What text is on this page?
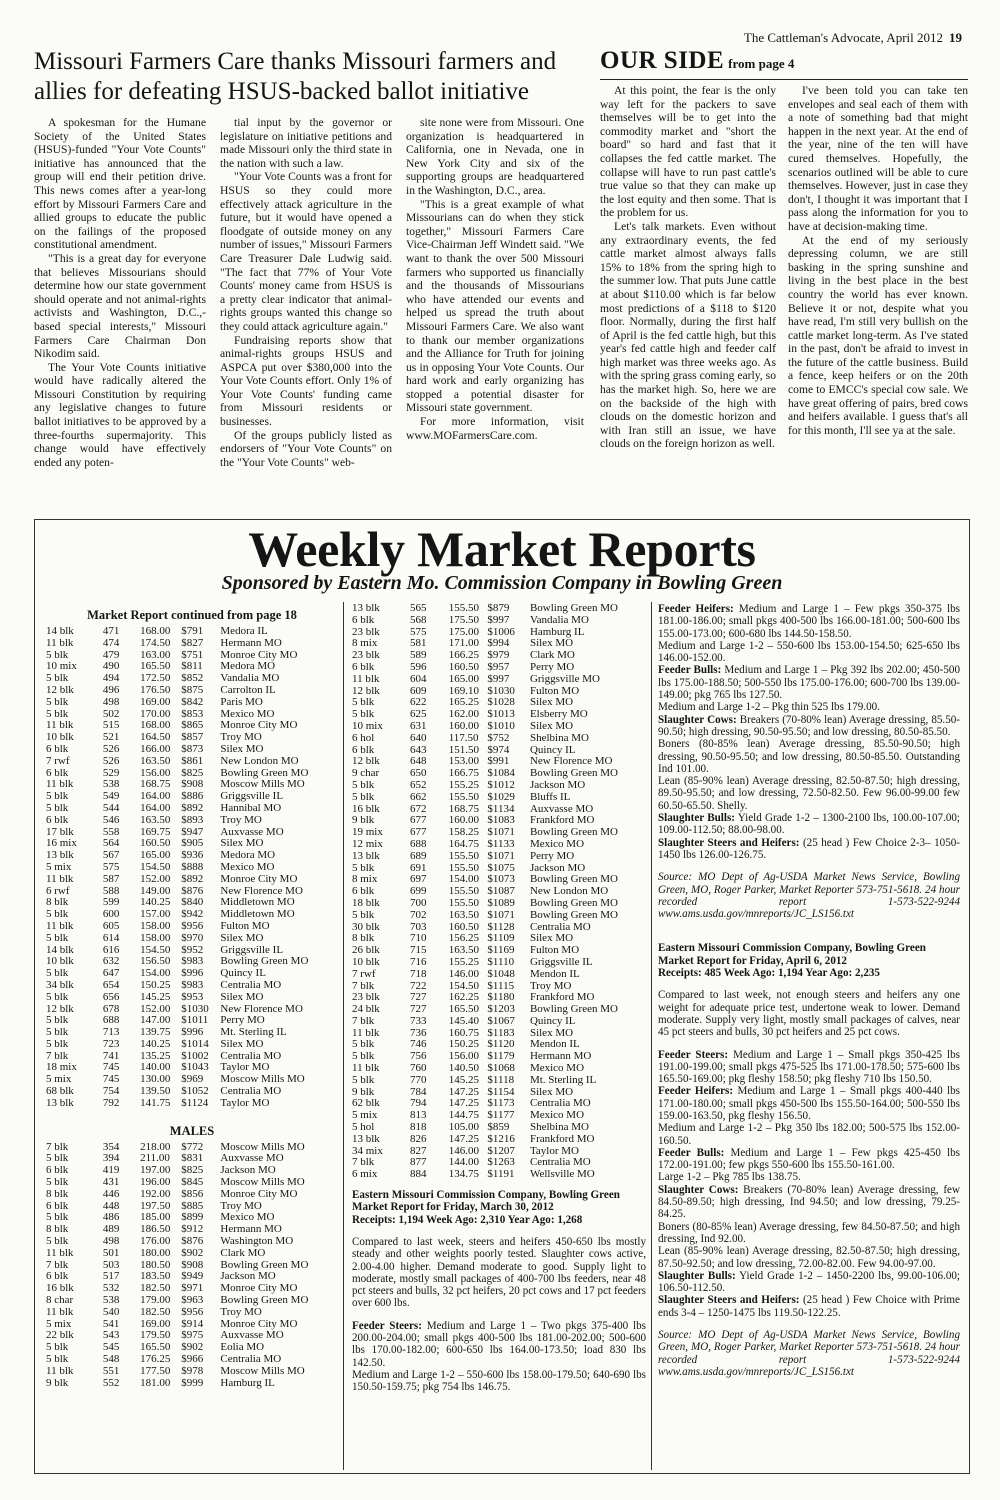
The Cattleman's Advocate, April 2012 19
Missouri Farmers Care thanks Missouri farmers and allies for defeating HSUS-backed ballot initiative

A spokesman for the Humane Society of the United States (HSUS)-funded "Your Vote Counts" initiative has announced that the group will end their petition drive. This news comes after a year-long effort by Missouri Farmers Care and allied groups to educate the public on the failings of the proposed constitutional amendment.

"This is a great day for everyone that believes Missourians should determine how our state government should operate and not animal-rights activists and Washington, D.C.,-based special interests," Missouri Farmers Care Chairman Don Nikodim said.

The Your Vote Counts initiative would have radically altered the Missouri Constitution by requiring any legislative changes to future ballot initiatives to be approved by a three-fourths supermajority. This change would have effectively ended any poten-

tial input by the governor or legislature on initiative petitions and made Missouri only the third state in the nation with such a law.

"Your Vote Counts was a front for HSUS so they could more effectively attack agriculture in the future, but it would have opened a floodgate of outside money on any number of issues," Missouri Farmers Care Treasurer Dale Ludwig said. "The fact that 77% of Your Vote Counts' money came from HSUS is a pretty clear indicator that animal-rights groups wanted this change so they could attack agriculture again."

Fundraising reports show that animal-rights groups HSUS and ASPCA put over $380,000 into the Your Vote Counts effort. Only 1% of Your Vote Counts' funding came from Missouri residents or businesses.

Of the groups publicly listed as endorsers of "Your Vote Counts" on the "Your Vote Counts" web-

site none were from Missouri. One organization is headquartered in California, one in Nevada, one in New York City and six of the supporting groups are headquartered in the Washington, D.C., area.

"This is a great example of what Missourians can do when they stick together," Missouri Farmers Care Vice-Chairman Jeff Windett said. "We want to thank the over 500 Missouri farmers who supported us financially and the thousands of Missourians who have attended our events and helped us spread the truth about Missouri Farmers Care. We also want to thank our member organizations and the Alliance for Truth for joining us in opposing Your Vote Counts. Our hard work and early organizing has stopped a potential disaster for Missouri state government.

For more information, visit www.MOFarmersCare.com.

OUR SIDE from page 4

At this point, the fear is the only way left for the packers to save themselves will be to get into the commodity market and "short the board" so hard and fast that it collapses the fed cattle market. The collapse will have to run past cattle's true value so that they can make up the lost equity and then some. That is the problem for us.

Let's talk markets. Even without any extraordinary events, the fed cattle market almost always falls 15% to 18% from the spring high to the summer low. That puts June cattle at about $110.00 which is far below most predictions of a $118 to $120 floor. Normally, during the first half of April is the fed cattle high, but this year's fed cattle high and feeder calf high market was three weeks ago. As with the spring grass coming early, so has the market high. So, here we are on the backside of the high with clouds on the domestic horizon and with Iran still an issue, we have clouds on the foreign horizon as well.

I've been told you can take ten envelopes and seal each of them with a note of something bad that might happen in the next year. At the end of the year, nine of the ten will have cured themselves. Hopefully, the scenarios outlined will be able to cure themselves. However, just in case they don't, I thought it was important that I pass along the information for you to have at decision-making time.

At the end of my seriously depressing column, we are still basking in the spring sunshine and living in the best place in the best country the world has ever known. Believe it or not, despite what you have read, I'm still very bullish on the cattle market long-term. As I've stated in the past, don't be afraid to invest in the future of the cattle business. Build a fence, keep heifers or on the 20th come to EMCC's special cow sale. We have great offering of pairs, bred cows and heifers available. I guess that's all for this month, I'll see ya at the sale.

Weekly Market Reports
Sponsored by Eastern Mo. Commission Company in Bowling Green
Market Report continued from page 18
14 blk	471	168.00 $791	Medora IL
11 blk	474	174.50 $827	Hermann MO
5 blk	479	163.00 $751	Monroe City MO
10 mix	490	165.50 $811	Medora MO
5 blk	494	172.50 $852	Vandalia MO
12 blk	496	176.50 $875	Carrolton IL
5 blk	498	169.00 $842	Paris MO
5 blk	502	170.00 $853	Mexico MO
11 blk	515	168.00 $865	Monroe City MO
10 blk	521	164.50 $857	Troy MO
6 blk	526	166.00 $873	Silex MO
7 rwf	526	163.50 $861	New London MO
6 blk	529	156.00 $825	Bowling Green MO
11 blk	538	168.75 $908	Moscow Mills MO
5 blk	549	164.00 $886	Griggsville IL
5 blk	544	164.00 $892	Hannibal MO
6 blk	546	163.50 $893	Troy MO
17 blk	558	169.75 $947	Auxvasse MO
16 mix	564	160.50 $905	Silex MO
13 blk	567	165.00 $936	Medora MO
5 mix	575	154.50 $888	Mexico MO
11 blk	587	152.00 $892	Monroe City MO
6 rwf	588	149.00 $876	New Florence MO
8 blk	599	140.25 $840	Middletown MO
5 blk	600	157.00 $942	Middletown MO
11 blk	605	158.00 $956	Fulton MO
5 blk	614	158.00 $970	Silex MO
14 blk	616	154.50 $952	Griggsville IL
10 blk	632	156.50 $983	Bowling Green MO
5 blk	647	154.00 $996	Quincy IL
34 blk	654	150.25 $983	Centralia MO
5 blk	656	145.25 $953	Silex MO
12 blk	678	152.00 $1030	New Florence MO
5 blk	688	147.00 $1011	Perry MO
5 blk	713	139.75 $996	Mt. Sterling IL
5 blk	723	140.25 $1014	Silex MO
7 blk	741	135.25 $1002	Centralia MO
18 mix	745	140.00 $1043	Taylor MO
5 mix	745	130.00 $969	Moscow Mills MO
68 blk	754	139.50 $1052	Centralia MO
13 blk	792	141.75 $1124	Taylor MO
MALES
7 blk	354	218.00 $772	Moscow Mills MO
5 blk	394	211.00	$831	Auxvasse MO
6 blk	419	197.00 $825	Jackson MO
5 blk	431	196.00 $845	Moscow Mills MO
8 blk	446	192.00 $856	Monroe City MO
6 blk	448	197.50 $885	Troy MO
5 blk	486	185.00 $899	Mexico MO
8 blk	489	186.50 $912	Hermann MO
5 blk	498	176.00 $876	Washington MO
11 blk	501	180.00 $902	Clark MO
7 blk	503	180.50 $908	Bowling Green MO
6 blk	517	183.50 $949	Jackson MO
16 blk	532	182.50 $971	Monroe City MO
8 char	538	179.00 $963	Bowling Green MO
11 blk	540	182.50 $956	Troy MO
5 mix	541	169.00 $914	Monroe City MO
22 blk	543	179.50 $975	Auxvasse MO
5 blk	545	165.50 $902	Eolia MO
5 blk	548	176.25 $966	Centralia MO
11 blk	551	177.50 $978	Moscow Mills MO
9 blk	552	181.00 $999	Hamburg IL
13 blk	565	155.50 $879	Bowling Green MO
6 blk	568	175.50 $997	Vandalia MO
23 blk	575	175.00 $1006	Hamburg IL
8 mix	581	171.00 $994	Silex MO
23 blk	589	166.25 $979	Clark MO
6 blk	596	160.50 $957	Perry MO
11 blk	604	165.00 $997	Griggsville MO
12 blk	609	169.10 $1030	Fulton MO
5 blk	622	165.25 $1028	Silex MO
5 blk	625	162.00 $1013	Elsberry MO
10 mix	631	160.00 $1010	Silex MO
6 hol	640	117.50 $752	Shelbina MO
6 blk	643	151.50 $974	Quincy IL
12 blk	648	153.00 $991	New Florence MO
9 char	650	166.75 $1084	Bowling Green MO
5 blk	652	155.25 $1012	Jackson MO
5 blk	662	155.50 $1029	Bluffs IL
16 blk	672	168.75 $1134	Auxvasse MO
9 blk	677	160.00 $1083	Frankford MO
19 mix	677	158.25 $1071	Bowling Green MO
12 mix	688	164.75 $1133	Mexico MO
13 blk	689	155.50 $1071	Perry MO
5 blk	691	155.50 $1075	Jackson MO
8 mix	697	154.00 $1073	Bowling Green MO
6 blk	699	155.50 $1087	New London MO
18 blk	700	155.50 $1089	Bowling Green MO
5 blk	702	163.50 $1071	Bowling Green MO
30 blk	703	160.50 $1128	Centralia MO
8 blk	710	156.25 $1109	Silex MO
26 blk	715	163.50 $1169	Fulton MO
10 blk	716	155.25 $1110	Griggsville IL
7 rwf	718	146.00 $1048	Mendon IL
7 blk	722	154.50 $1115	Troy MO
23 blk	727	162.25 $1180	Frankford MO
24 blk	727	165.50 $1203	Bowling Green MO
7 blk	733	145.40 $1067	Quincy IL
11 blk	736	160.75 $1183	Silex MO
5 blk	746	150.25 $1120	Mendon IL
5 blk	756	156.00 $1179	Hermann MO
11 blk	760	140.50 $1068	Mexico MO
5 blk	770	145.25 $1118	Mt. Sterling IL
9 blk	784	147.25 $1154	Silex MO
62 blk	794	147.25 $1173	Centralia MO
5 mix	813	144.75 $1177	Mexico MO
5 hol	818	105.00 $859	Shelbina MO
13 blk	826	147.25 $1216	Frankford MO
34 mix	827	146.00 $1207	Taylor MO
7 blk	877	144.00 $1263	Centralia MO
6 mix	884	134.75 $1191	Wellsville MO

Eastern Missouri Commission Company, Bowling Green

Market Report for Friday, March 30, 2012

Receipts: 1,194 Week Ago: 2,310 Year Ago: 1,268

Compared to last week, steers and heifers 450-650 lbs mostly steady and other weights poorly tested. Slaughter cows active, 2.00-4.00 higher. Demand moderate to good. Supply light to moderate, mostly small packages of 400-700 lbs feeders, near 48 pct steers and bulls, 32 pct heifers, 20 pct cows and 17 pct feeders over 600 lbs.

Feeder Steers: Medium and Large 1 – Two pkgs 375-400 lbs 200.00-204.00; small pkgs 400-500 lbs 181.00-202.00; 500-600 lbs 170.00-182.00; 600-650 lbs 164.00-173.50; load 830 lbs 142.50.

Medium and Large 1-2 – 550-600 lbs 158.00-179.50; 640-690 lbs 150.50-159.75; pkg 754 lbs 146.75.

Feeder Heifers: Medium and Large 1 – Few pkgs 350-375 lbs 181.00-186.00; small pkgs 400-500 lbs 166.00-181.00; 500-600 lbs 155.00-173.00; 600-680 lbs 144.50-158.50.

Medium and Large 1-2 – 550-600 lbs 153.00-154.50; 625-650 lbs 146.00-152.00.

Feeder Bulls: Medium and Large 1 – Pkg 392 lbs 202.00; 450-500 lbs 175.00-188.50; 500-550 lbs 175.00-176.00; 600-700 lbs 139.00-149.00; pkg 765 lbs 127.50.

Medium and Large 1-2 – Pkg thin 525 lbs 179.00.

Slaughter Cows: Breakers (70-80% lean) Average dressing, 85.50-90.50; high dressing, 90.50-95.50; and low dressing, 80.50-85.50.

Boners (80-85% lean) Average dressing, 85.50-90.50; high dressing, 90.50-95.50; and low dressing, 80.50-85.50. Outstanding Ind 101.00.

Lean (85-90% lean) Average dressing, 82.50-87.50; high dressing, 89.50-95.50; and low dressing, 72.50-82.50. Few 96.00-99.00 few 60.50-65.50. Shelly.

Slaughter Bulls: Yield Grade 1-2 – 1300-2100 lbs, 100.00-107.00; 109.00-112.50; 88.00-98.00.

Slaughter Steers and Heifers: (25 head ) Few Choice 2-3– 1050-1450 lbs 126.00-126.75.

Source: MO Dept of Ag-USDA Market News Service, Bowling Green, MO, Roger Parker, Market Reporter 573-751-5618. 24 hour recorded report 1-573-522-9244 www.ams.usda.gov/mnreports/JC_LS156.txt

Eastern Missouri Commission Company, Bowling Green

Market Report for Friday, April 6, 2012

Receipts: 485 Week Ago: 1,194 Year Ago: 2,235

Compared to last week, not enough steers and heifers any one weight for adequate price test, undertone weak to lower. Demand moderate. Supply very light, mostly small packages of calves, near 45 pct steers and bulls, 30 pct heifers and 25 pct cows.

Feeder Steers: Medium and Large 1 – Small pkgs 350-425 lbs 191.00-199.00; small pkgs 475-525 lbs 171.00-178.50; 575-600 lbs 165.50-169.00; pkg fleshy 158.50; pkg fleshy 710 lbs 150.50.

Feeder Heifers: Medium and Large 1 – Small pkgs 400-440 lbs 171.00-180.00; small pkgs 450-500 lbs 155.50-164.00; 500-550 lbs 159.00-163.50, pkg fleshy 156.50.

Medium and Large 1-2 – Pkg 350 lbs 182.00; 500-575 lbs 152.00-160.50.

Feeder Bulls: Medium and Large 1 – Few pkgs 425-450 lbs 172.00-191.00; few pkgs 550-600 lbs 155.50-161.00.

Large 1-2 – Pkg 785 lbs 138.75.

Slaughter Cows: Breakers (70-80% lean) Average dressing, few 84.50-89.50; high dressing, Ind 94.50; and low dressing, 79.25-84.25.

Boners (80-85% lean) Average dressing, few 84.50-87.50; and high dressing, Ind 92.00.

Lean (85-90% lean) Average dressing, 82.50-87.50; high dressing, 87.50-92.50; and low dressing, 72.00-82.00. Few 94.00-97.00.

Slaughter Bulls: Yield Grade 1-2 – 1450-2200 lbs, 99.00-106.00; 106.50-112.50.

Slaughter Steers and Heifers: (25 head ) Few Choice with Prime ends 3-4 – 1250-1475 lbs 119.50-122.25.

Source: MO Dept of Ag-USDA Market News Service, Bowling Green, MO, Roger Parker, Market Reporter 573-751-5618. 24 hour recorded report 1-573-522-9244 www.ams.usda.gov/mnreports/JC_LS156.txt
